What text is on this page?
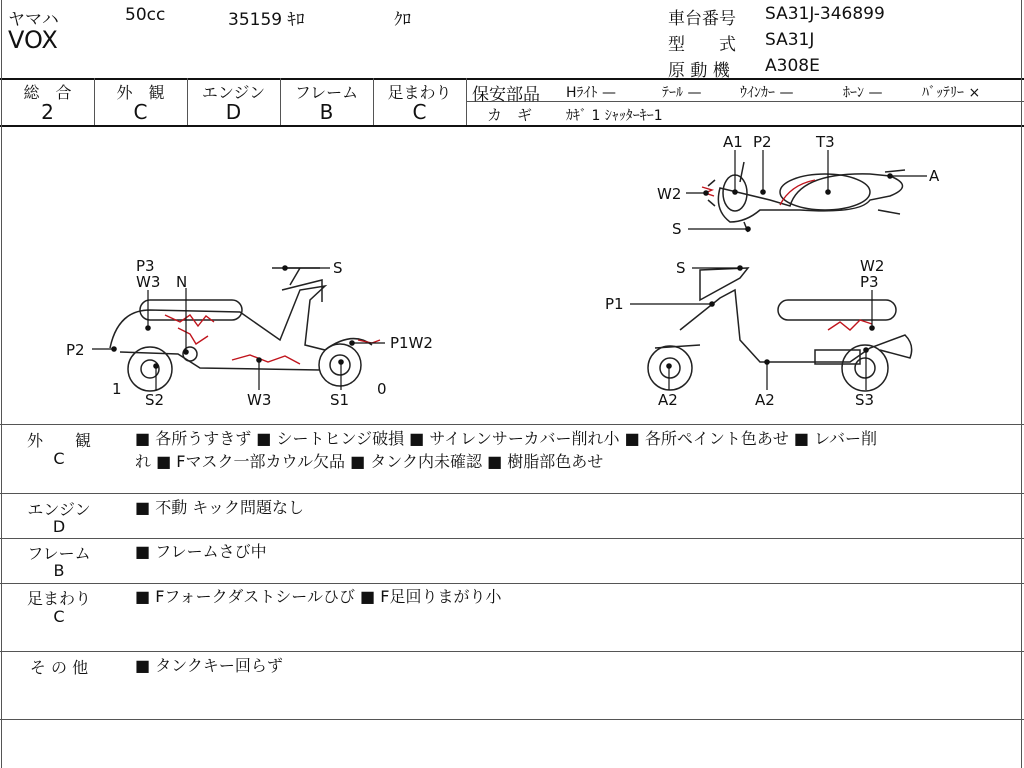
ヤマハ	50cc	35159 ｷﾛ	ｸﾛ
VOX
車台番号 SA31J-346899
型　　式 SA31J
原 動 機 A308E
総　合
2
外　観
C
エンジン
D
フレーム
B
足まわり
C
保安部品 Hﾗｲﾄ —	ﾃｰﾙ —	ｳｲﾝｶｰ —	ﾎｰﾝ —	ﾊﾞｯﾃﾘｰ ×
カ　ギ ｶｷﾞ 1 ｼｬｯﾀｰｷｰ1
A1 P2	T3
A
W2
S
P3
W3 N
S
P2	P1W2
1	0
S2	W3	S1
S	W2
P3
P1
A2	A2	S3
外　　観
C
■ 各所うすきず ■ シートヒンジ破損 ■ サイレンサーカバー削れ小 ■ 各所ペイント色あせ ■ レバー削
れ ■ Fマスク一部カウル欠品 ■ タンク内未確認 ■ 樹脂部色あせ
エンジン
D
■ 不動 キック問題なし
フレーム
B
■ フレームさび中
足まわり
C
■ Fフォークダストシールひび ■ F足回りまがり小
そ の 他	■ タンクキー回らず
